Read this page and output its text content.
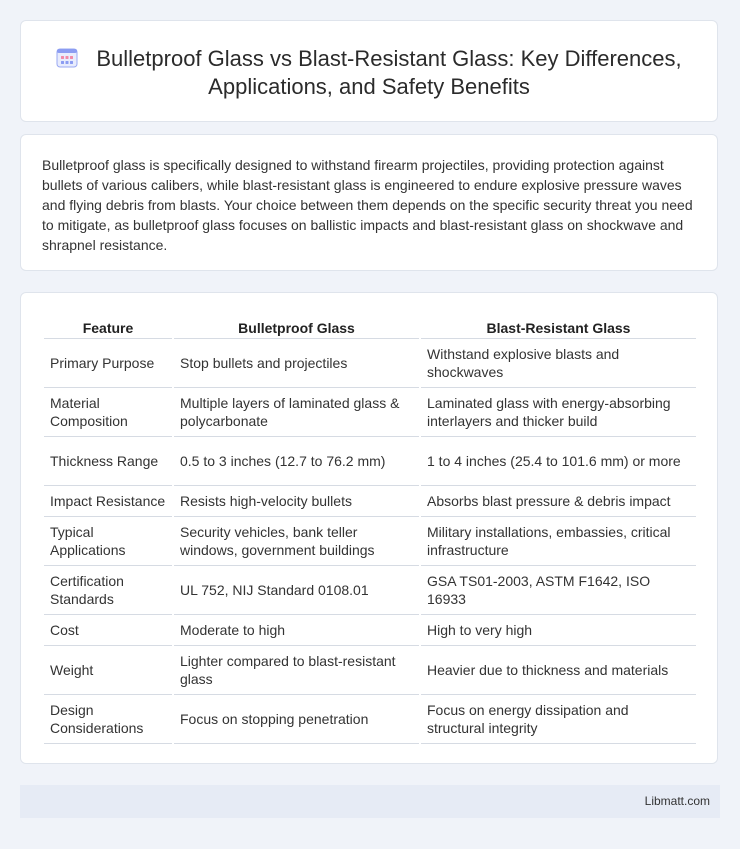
Bulletproof Glass vs Blast-Resistant Glass: Key Differences, Applications, and Safety Benefits

Bulletproof glass is specifically designed to withstand firearm projectiles, providing protection against bullets of various calibers, while blast-resistant glass is engineered to endure explosive pressure waves and flying debris from blasts. Your choice between them depends on the specific security threat you need to mitigate, as bulletproof glass focuses on ballistic impacts and blast-resistant glass on shockwave and shrapnel resistance.

Feature	Bulletproof Glass	Blast-Resistant Glass
Primary Purpose	Stop bullets and projectiles	Withstand explosive blasts and shockwaves
Material Composition	Multiple layers of laminated glass & polycarbonate	Laminated glass with energy-absorbing interlayers and thicker build
Thickness Range	0.5 to 3 inches (12.7 to 76.2 mm)	1 to 4 inches (25.4 to 101.6 mm) or more
Impact Resistance	Resists high-velocity bullets	Absorbs blast pressure & debris impact
Typical Applications	Security vehicles, bank teller windows, government buildings	Military installations, embassies, critical infrastructure
Certification Standards	UL 752, NIJ Standard 0108.01	GSA TS01-2003, ASTM F1642, ISO 16933
Cost	Moderate to high	High to very high
Weight	Lighter compared to blast-resistant glass	Heavier due to thickness and materials
Design Considerations	Focus on stopping penetration	Focus on energy dissipation and structural integrity
Libmatt.com
